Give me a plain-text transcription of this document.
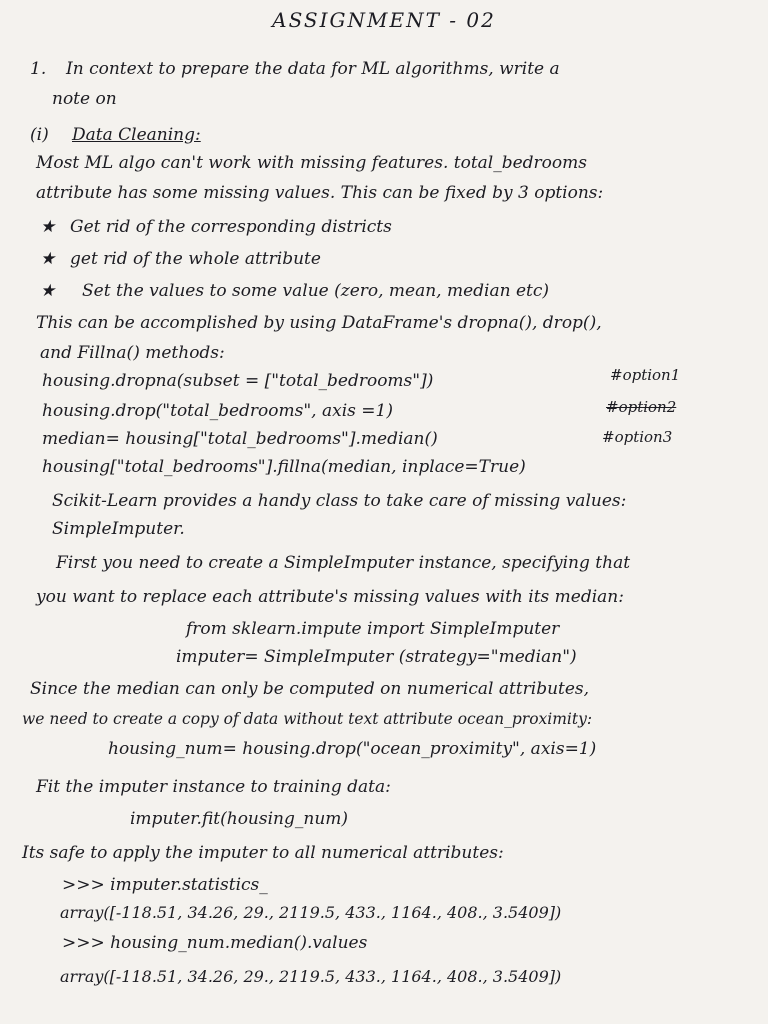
ASSIGNMENT - 02
1. In context to prepare the data for ML algorithms, write a
note on
(i) Data Cleaning:
Most ML algo can't work with missing features. total_bedrooms
attribute has some missing values. This can be fixed by 3 options:
★ Get rid of the corresponding districts
★ get rid of the whole attribute
★ Set the values to some value (zero, mean, median etc)
This can be accomplished by using DataFrame's dropna(), drop(),
and Fillna() methods:
housing.dropna(subset = ["total_bedrooms"])	#option1
housing.drop("total_bedrooms", axis =1)	#option2
median= housing["total_bedrooms"].median()	#option3
housing["total_bedrooms"].fillna(median, inplace=True)
Scikit-Learn provides a handy class to take care of missing values:
SimpleImputer.
First you need to create a SimpleImputer instance, specifying that
you want to replace each attribute's missing values with its median:
from sklearn.impute import SimpleImputer
imputer= SimpleImputer (strategy="median")
Since the median can only be computed on numerical attributes,
we need to create a copy of data without text attribute ocean_proximity:
housing_num= housing.drop("ocean_proximity", axis=1)
Fit the imputer instance to training data:
imputer.fit(housing_num)
Its safe to apply the imputer to all numerical attributes:
>>> imputer.statistics_
array([-118.51, 34.26, 29., 2119.5, 433., 1164., 408., 3.5409])
>>> housing_num.median().values
array([-118.51, 34.26, 29., 2119.5, 433., 1164., 408., 3.5409])
